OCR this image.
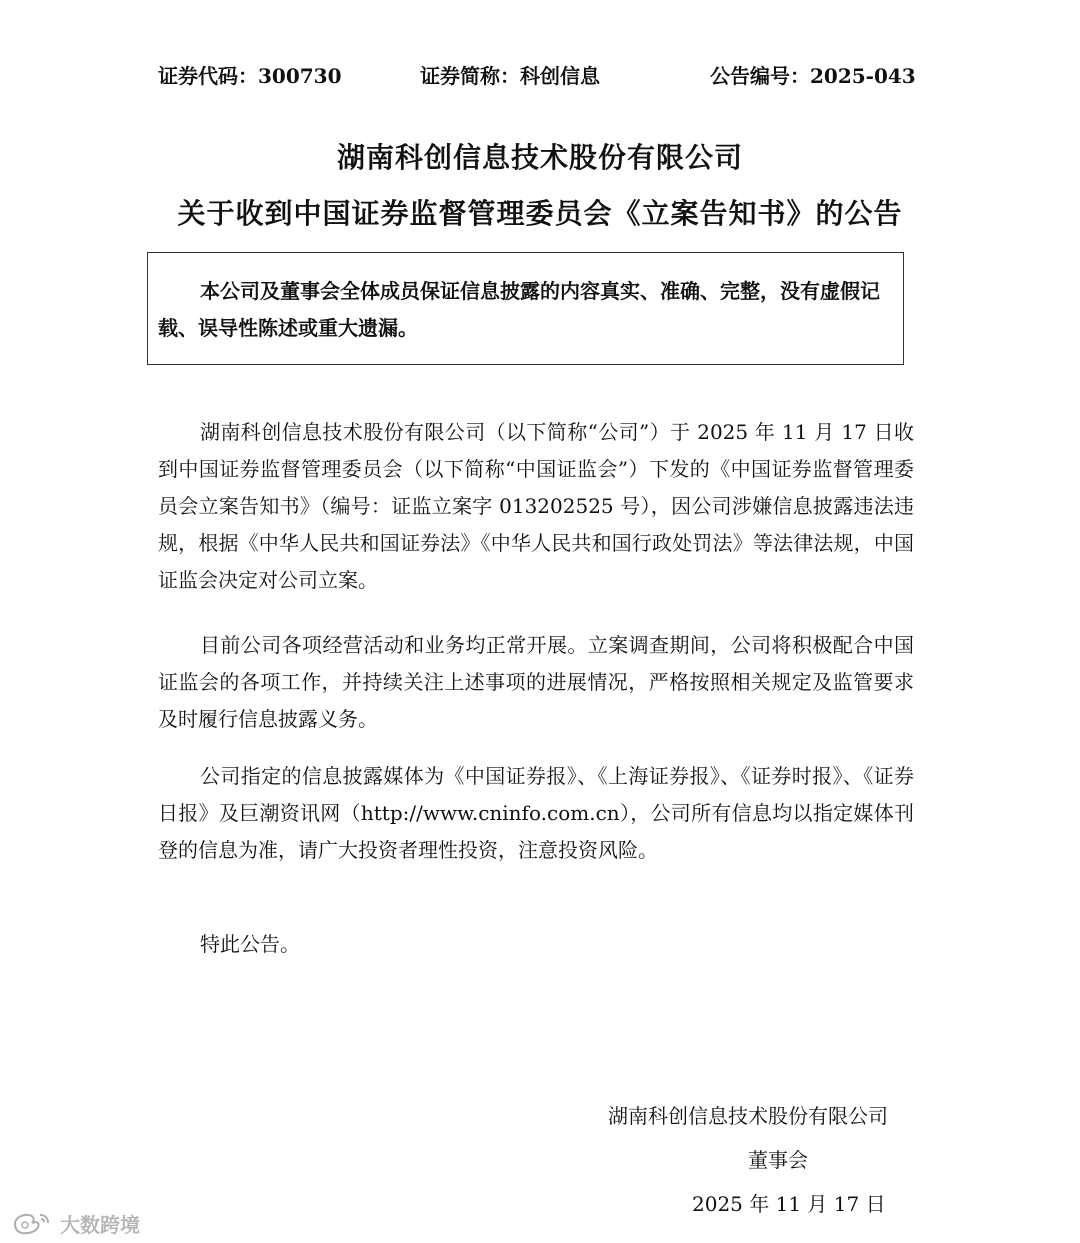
证券代码：300730	证券简称：科创信息	公告编号：2025-043
湖南科创信息技术股份有限公司
关于收到中国证券监督管理委员会《立案告知书》的公告
本公司及董事会全体成员保证信息披露的内容真实、准确、完整，没有虚假记载、误导性陈述或重大遗漏。
湖南科创信息技术股份有限公司（以下简称“公司”）于 2025 年 11 月 17 日收到中国证券监督管理委员会（以下简称“中国证监会”）下发的《中国证券监督管理委员会立案告知书》（编号：证监立案字 013202525 号），因公司涉嫌信息披露违法违规，根据《中华人民共和国证券法》《中华人民共和国行政处罚法》等法律法规，中国证监会决定对公司立案。
目前公司各项经营活动和业务均正常开展。立案调查期间，公司将积极配合中国证监会的各项工作，并持续关注上述事项的进展情况，严格按照相关规定及监管要求及时履行信息披露义务。
公司指定的信息披露媒体为《中国证券报》、《上海证券报》、《证券时报》、《证券日报》及巨潮资讯网（http://www.cninfo.com.cn），公司所有信息均以指定媒体刊登的信息为准，请广大投资者理性投资，注意投资风险。
特此公告。
湖南科创信息技术股份有限公司
董事会
2025 年 11 月 17 日
大数跨境
